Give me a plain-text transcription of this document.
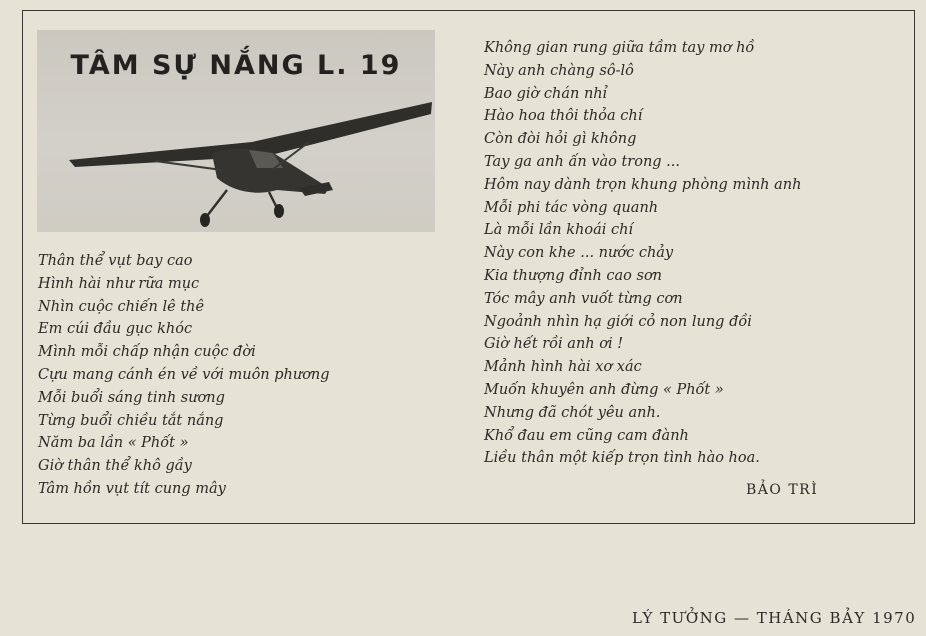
TÂM SỰ NẮNG L. 19
Thân thể vụt bay cao
Hình hài như rữa mục
Nhìn cuộc chiến lê thê
Em cúi đầu gục khóc
Mình mỗi chấp nhận cuộc đời
Cựu mang cánh én về với muôn phương
Mỗi buổi sáng tinh sương
Từng buổi chiều tắt nắng
Năm ba lần « Phốt »
Giờ thân thể khô gầy
Tâm hồn vụt tít cung mây
Không gian rung giữa tầm tay mơ hồ
Này anh chàng sô-lô
Bao giờ chán nhỉ
Hào hoa thôi thỏa chí
Còn đòi hỏi gì không
Tay ga anh ấn vào trong ...
Hôm nay dành trọn khung phòng mình anh
Mỗi phi tác vòng quanh
Là mỗi lần khoái chí
Này con khe ... nước chảy
Kia thượng đỉnh cao sơn
Tóc mây anh vuốt từng cơn
Ngoảnh nhìn hạ giới cỏ non lung đồi
Giờ hết rồi anh ơi !
Mảnh hình hài xơ xác
Muốn khuyên anh đừng « Phốt »
Nhưng đã chót yêu anh.
Khổ đau em cũng cam đành
Liều thân một kiếp trọn tình hào hoa.
BẢO TRÌ
LÝ TƯỞNG — THÁNG BẢY 1970
